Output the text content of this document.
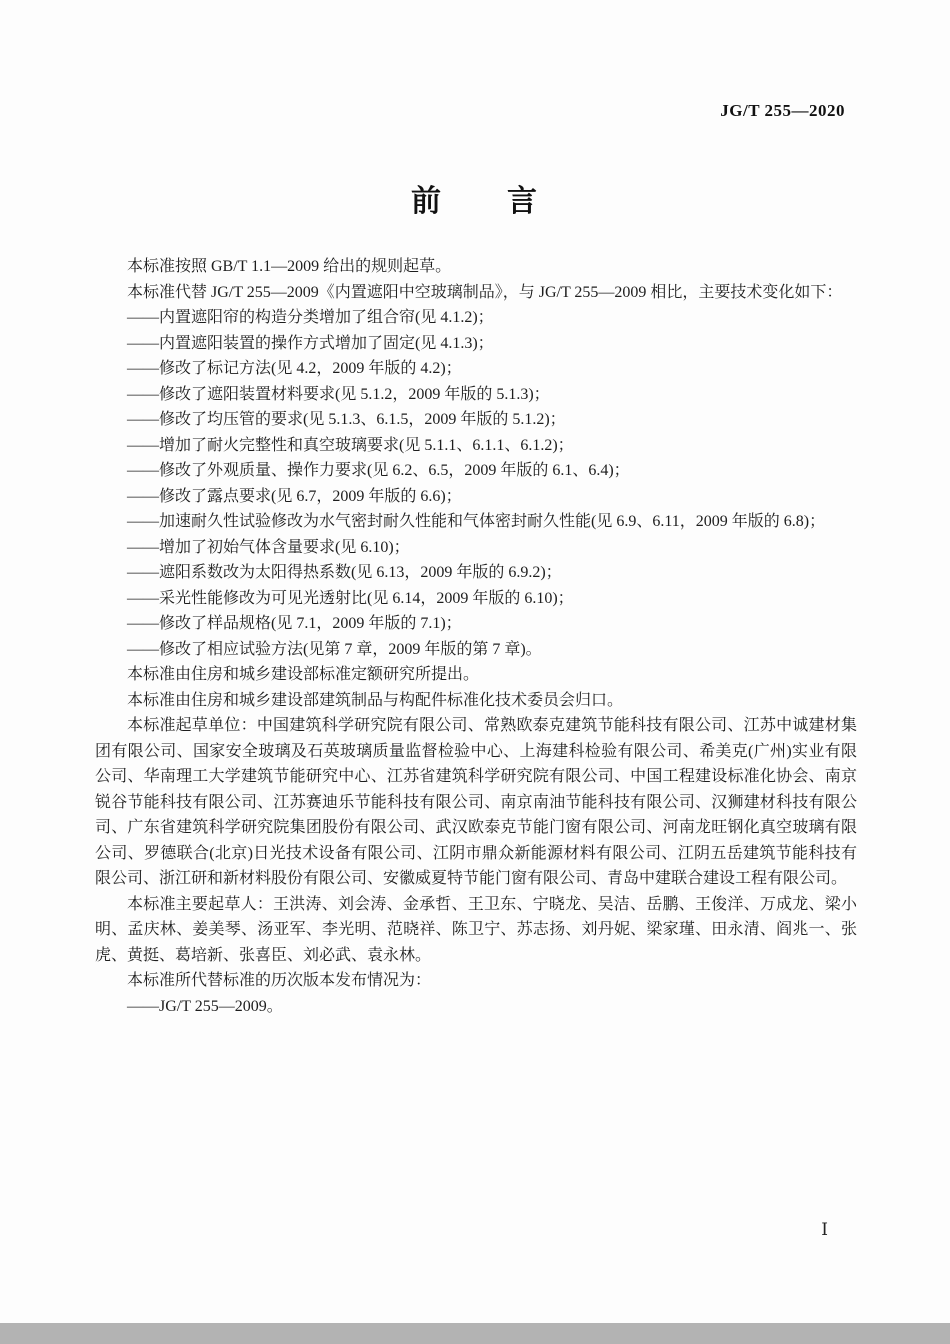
JG/T 255—2020
前　　言

本标准按照 GB/T 1.1—2009 给出的规则起草。

本标准代替 JG/T 255—2009《内置遮阳中空玻璃制品》，与 JG/T 255—2009 相比，主要技术变化如下：

——内置遮阳帘的构造分类增加了组合帘(见 4.1.2)；

——内置遮阳装置的操作方式增加了固定(见 4.1.3)；

——修改了标记方法(见 4.2，2009 年版的 4.2)；

——修改了遮阳装置材料要求(见 5.1.2，2009 年版的 5.1.3)；

——修改了均压管的要求(见 5.1.3、6.1.5，2009 年版的 5.1.2)；

——增加了耐火完整性和真空玻璃要求(见 5.1.1、6.1.1、6.1.2)；

——修改了外观质量、操作力要求(见 6.2、6.5，2009 年版的 6.1、6.4)；

——修改了露点要求(见 6.7，2009 年版的 6.6)；

——加速耐久性试验修改为水气密封耐久性能和气体密封耐久性能(见 6.9、6.11，2009 年版的 6.8)；

——增加了初始气体含量要求(见 6.10)；

——遮阳系数改为太阳得热系数(见 6.13，2009 年版的 6.9.2)；

——采光性能修改为可见光透射比(见 6.14，2009 年版的 6.10)；

——修改了样品规格(见 7.1，2009 年版的 7.1)；

——修改了相应试验方法(见第 7 章，2009 年版的第 7 章)。

本标准由住房和城乡建设部标准定额研究所提出。

本标准由住房和城乡建设部建筑制品与构配件标准化技术委员会归口。

本标准起草单位：中国建筑科学研究院有限公司、常熟欧泰克建筑节能科技有限公司、江苏中诚建材集团有限公司、国家安全玻璃及石英玻璃质量监督检验中心、上海建科检验有限公司、希美克(广州)实业有限公司、华南理工大学建筑节能研究中心、江苏省建筑科学研究院有限公司、中国工程建设标准化协会、南京锐谷节能科技有限公司、江苏赛迪乐节能科技有限公司、南京南油节能科技有限公司、汉狮建材科技有限公司、广东省建筑科学研究院集团股份有限公司、武汉欧泰克节能门窗有限公司、河南龙旺钢化真空玻璃有限公司、罗德联合(北京)日光技术设备有限公司、江阴市鼎众新能源材料有限公司、江阴五岳建筑节能科技有限公司、浙江研和新材料股份有限公司、安徽威夏特节能门窗有限公司、青岛中建联合建设工程有限公司。

本标准主要起草人：王洪涛、刘会涛、金承哲、王卫东、宁晓龙、吴洁、岳鹏、王俊洋、万成龙、梁小明、孟庆林、姜美琴、汤亚军、李光明、范晓祥、陈卫宁、苏志扬、刘丹妮、梁家瑾、田永清、阎兆一、张虎、黄挺、葛培新、张喜臣、刘必武、袁永林。

本标准所代替标准的历次版本发布情况为：

——JG/T 255—2009。

Ⅰ
